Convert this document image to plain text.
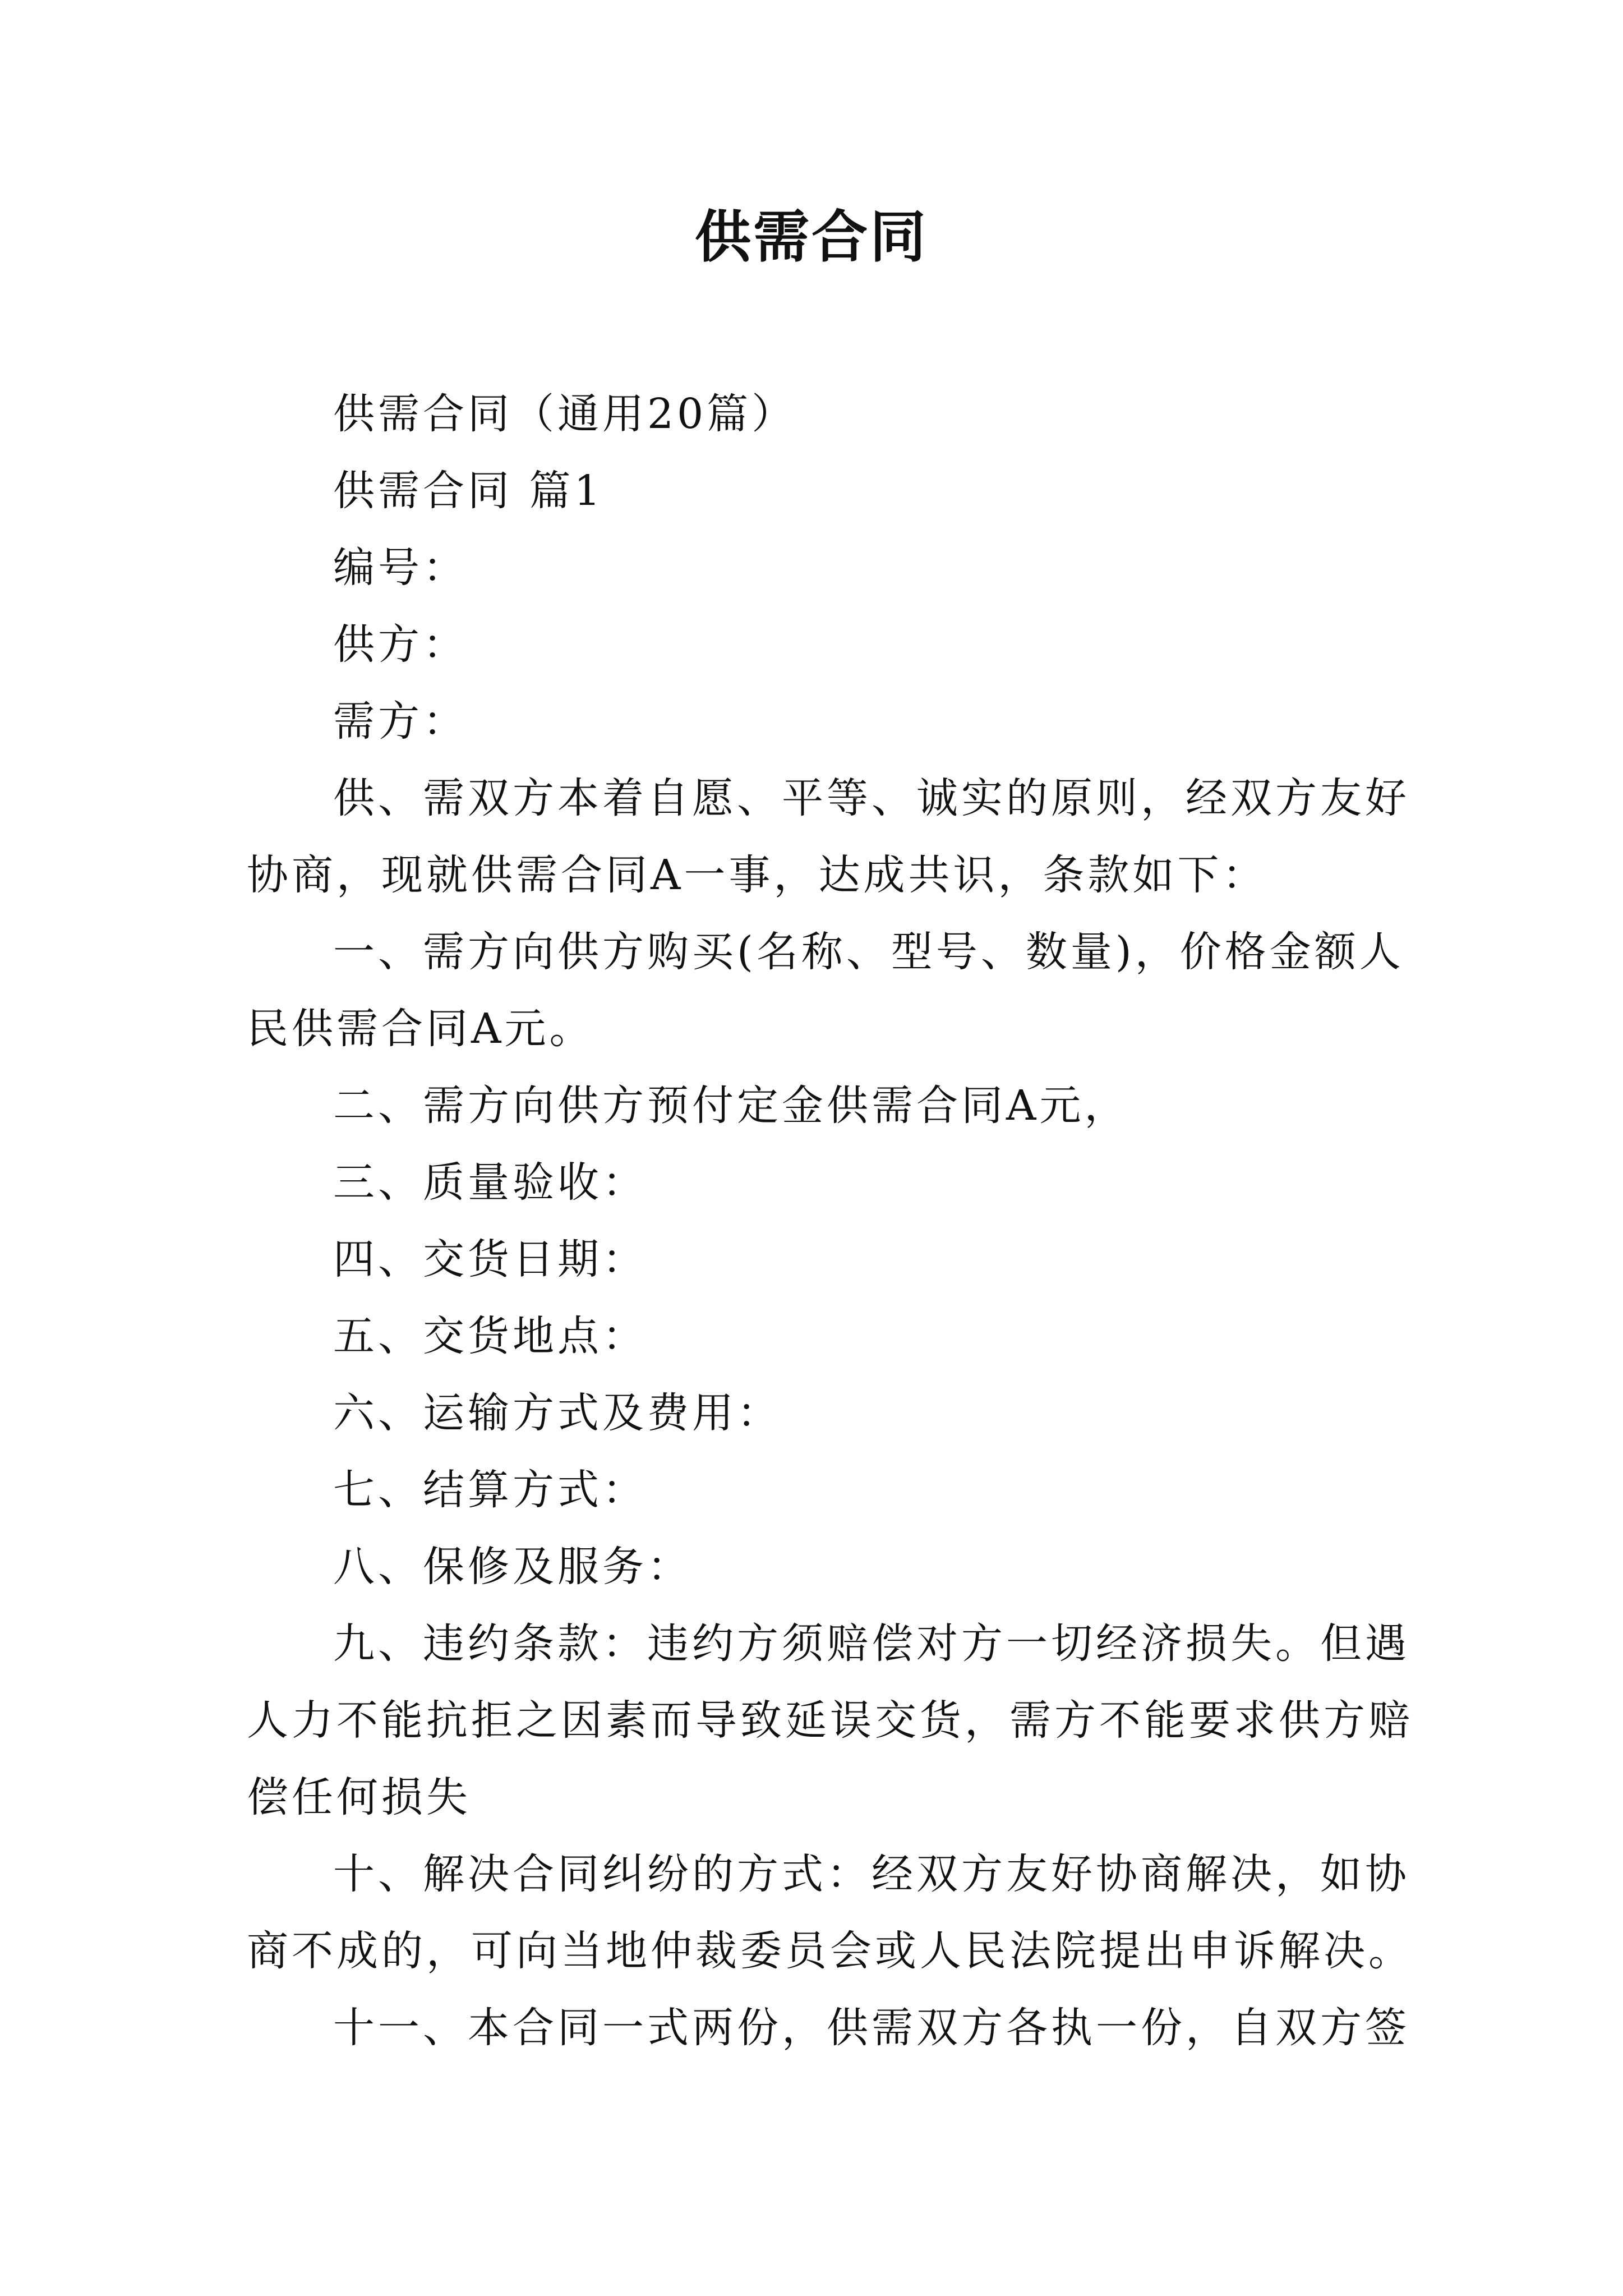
供需合同
供需合同（通用20篇）
供需合同 篇1
编号：
供方：
需方：
供、需双方本着自愿、平等、诚实的原则，经双方友好
协商，现就供需合同A一事，达成共识，条款如下：
一、需方向供方购买(名称、型号、数量)，价格金额人
民供需合同A元。
二、需方向供方预付定金供需合同A元，
三、质量验收：
四、交货日期：
五、交货地点：
六、运输方式及费用：
七、结算方式：
八、保修及服务：
九、违约条款：违约方须赔偿对方一切经济损失。但遇
人力不能抗拒之因素而导致延误交货，需方不能要求供方赔
偿任何损失
十、解决合同纠纷的方式：经双方友好协商解决，如协
商不成的，可向当地仲裁委员会或人民法院提出申诉解决。
十一、本合同一式两份，供需双方各执一份，自双方签
